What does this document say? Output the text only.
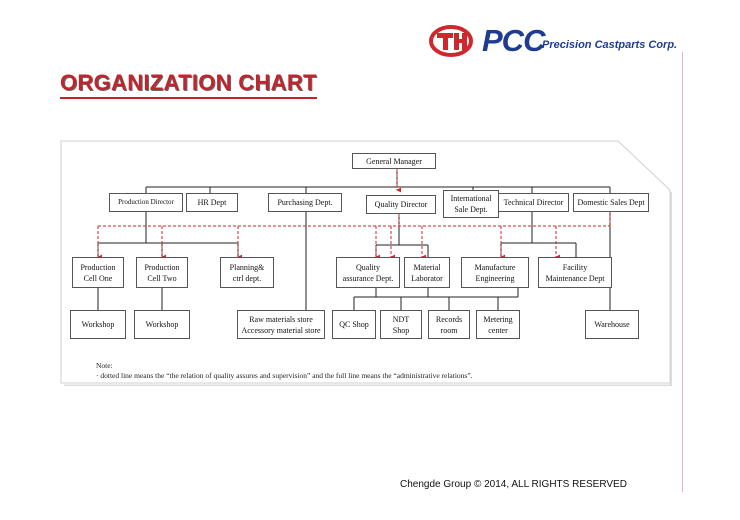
PCC
Precision Castparts Corp.
ORGANIZATION CHART
General Manager
Production Director	HR Dept	Purchasing Dept.	Quality Director
International
Sale Dept.
Technical Director	Domestic Sales Dept
Production
Cell One
Production
Cell Two
Planning&
ctrl dept.
Quality
assurance Dept.
Material
Laborator
Manufacture
Engineering
Facility
Maintenance Dept
Workshop	Workshop
Raw materials store
Accessory material store
QC Shop
NDT
Shop
Records
room
Metering
center
Warehouse
Note:
· dotted line means the “the relation of quality assures and supervision” and the full line means the “administrative relations”.
Chengde Group © 2014, ALL RIGHTS RESERVED
